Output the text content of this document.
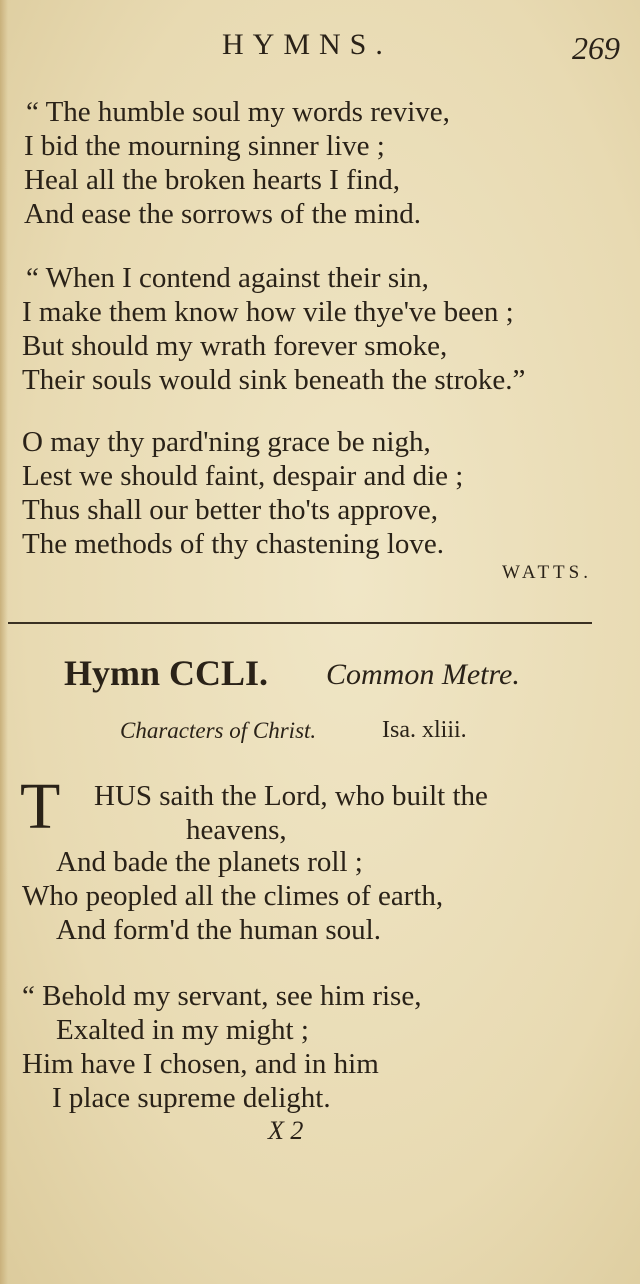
HYMNS.	269
“ The humble soul my words revive,
I bid the mourning sinner live ;
Heal all the broken hearts I find,
And ease the sorrows of the mind.
“ When I contend against their sin,
I make them know how vile thye've been ;
But should my wrath forever smoke,
Their souls would sink beneath the stroke.”
O may thy pard'ning grace be nigh,
Lest we should faint, despair and die ;
Thus shall our better tho'ts approve,
The methods of thy chastening love.
WATTS.
Hymn CCLI. Common Metre.
Characters of Christ.	Isa. xliii.
T HUS saith the Lord, who built the
heavens,
And bade the planets roll ;
Who peopled all the climes of earth,
And form'd the human soul.
“ Behold my servant, see him rise,
Exalted in my might ;
Him have I chosen, and in him
I place supreme delight.
X 2
